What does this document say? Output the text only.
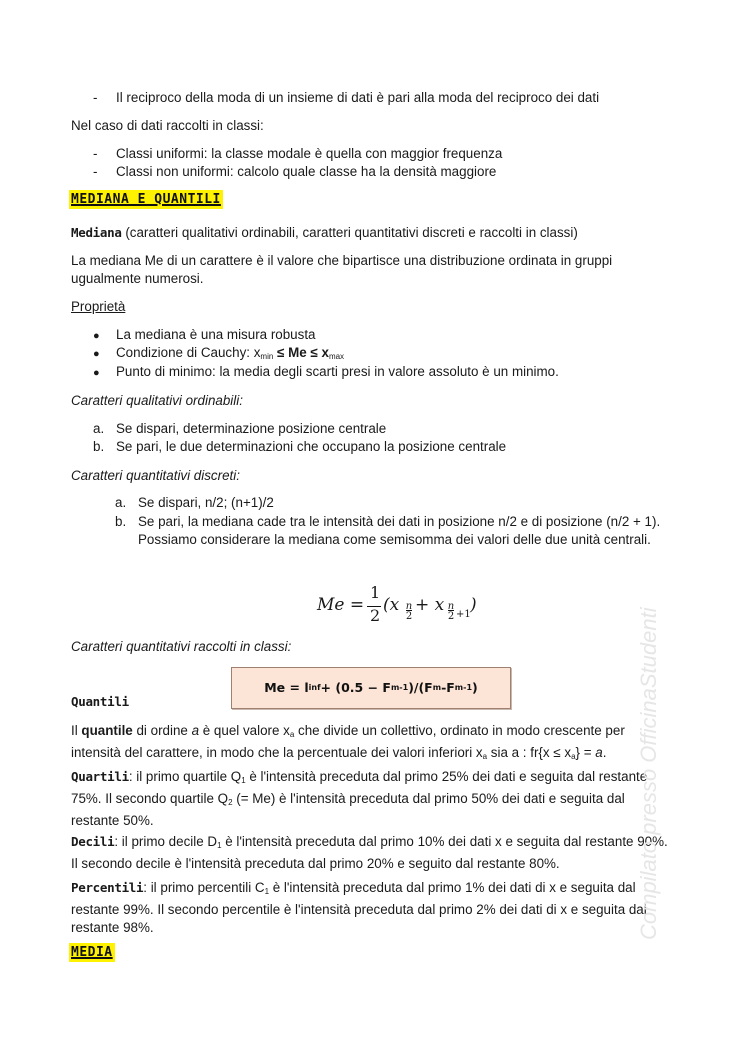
-	Il reciproco della moda di un insieme di dati è pari alla moda del reciproco dei dati
Nel caso di dati raccolti in classi:
-	Classi uniformi: la classe modale è quella con maggior frequenza
-	Classi non uniformi: calcolo quale classe ha la densità maggiore
MEDIANA E QUANTILI
Mediana (caratteri qualitativi ordinabili, caratteri quantitativi discreti e raccolti in classi)
La mediana Me di un carattere è il valore che bipartisce una distribuzione ordinata in gruppi ugualmente numerosi.
Proprietà
● La mediana è una misura robusta
● Condizione di Cauchy: $x_{min} \le Me \le x_{max}$
● Punto di minimo: la media degli scarti presi in valore assoluto è un minimo.
Caratteri qualitativi ordinabili:
a. Se dispari, determinazione posizione centrale
b. Se pari, le due determinazioni che occupano la posizione centrale
Caratteri quantitativi discreti:
a. Se dispari, n/2; (n+1)/2
b. Se pari, la mediana cade tra le intensità dei dati in posizione n/2 e di posizione (n/2 + 1). Possiamo considerare la mediana come semisomma dei valori delle due unità centrali.
Me =
1
2
(x n
2
+ x n
2 +1 )
Caratteri quantitativi raccolti in classi:
Me = l inf + (0.5 − F m-1 )/(F m -F m-1 )
Quantili
Il quantile di ordine a è quel valore $x_a$ che divide un collettivo, ordinato in modo crescente per intensità del carattere, in modo che la percentuale dei valori inferiori $x_a$ sia a : $fr\{x \le x_a\} = a$.
Quartili: il primo quartile $Q_1$ è l'intensità preceduta dal primo 25% dei dati e seguita dal restante 75%. Il secondo quartile $Q_2$ (= Me) è l'intensità preceduta dal primo 50% dei dati e seguita dal restante 50%.
Decili: il primo decile $D_1$ è l'intensità preceduta dal primo 10% dei dati x e seguita dal restante 90%. Il secondo decile è l'intensità preceduta dal primo 20% e seguito dal restante 80%.
Percentili: il primo percentili $C_1$ è l'intensità preceduta dal primo 1% dei dati di x e seguita dal restante 99%. Il secondo percentile è l'intensità preceduta dal primo 2% dei dati di x e seguita dal restante 98%.
MEDIA
Compilato presso OfficinaStudenti
